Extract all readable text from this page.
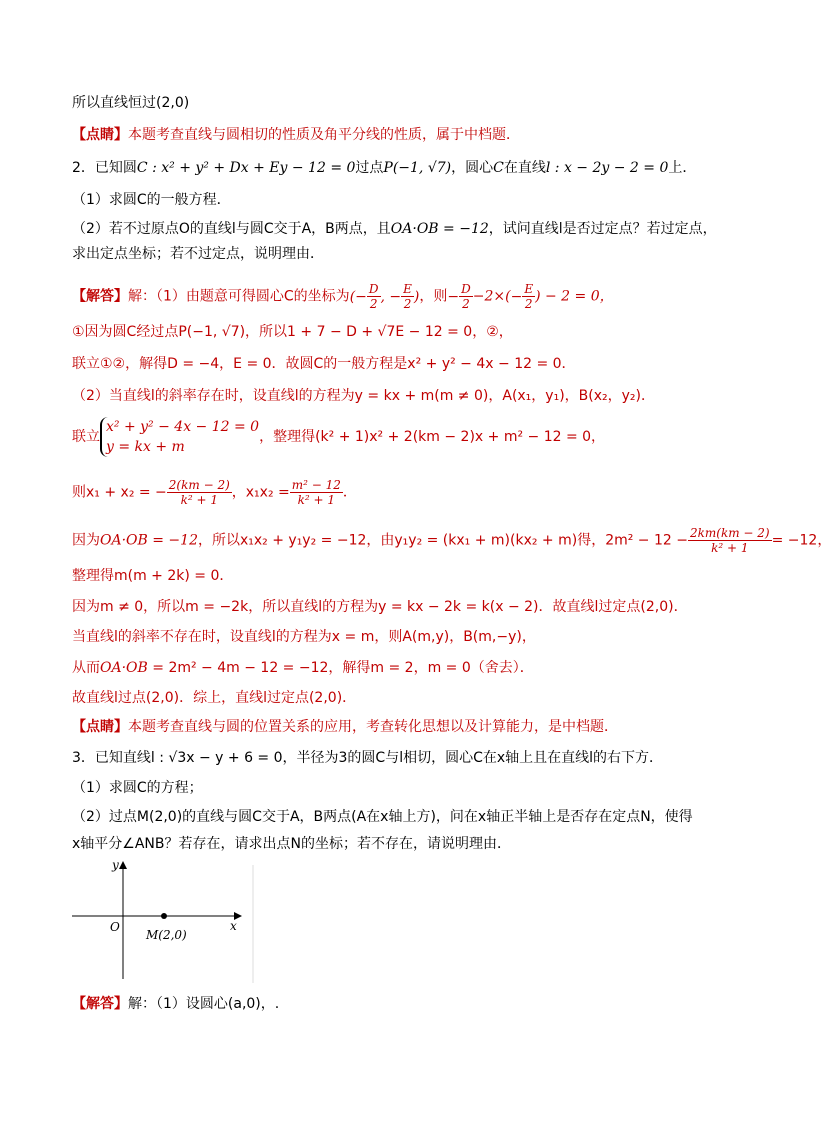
所以直线恒过(2,0)
【点睛】本题考查直线与圆相切的性质及角平分线的性质，属于中档题．
2．已知圆C : x² + y² + Dx + Ey − 12 = 0过点P(−1, √7)，圆心C在直线l : x − 2y − 2 = 0上．
（1）求圆C的一般方程．
（2）若不过原点O的直线l与圆C交于A，B两点，且OA·OB = −12，试问直线l是否过定点？若过定点，
求出定点坐标；若不过定点，说明理由．
【解答】解：（1）由题意可得圆心C的坐标为(− $\frac{D}{2}$ , − $\frac{E}{2}$ )，则− $\frac{D}{2} -2\times(- \frac{E}{2}$ ) − 2 = 0，
①因为圆C经过点P(−1, √7)，所以1 + 7 − D + √7E − 12 = 0，②，
联立①②，解得D = −4，E = 0．故圆C的一般方程是x² + y² − 4x − 12 = 0．
（2）当直线l的斜率存在时，设直线l的方程为y = kx + m(m ≠ 0)，A(x₁，y₁)，B(x₂，y₂)．
联立
x² + y² − 4x − 12 = 0
y = kx + m
，整理得(k² + 1)x² + 2(km − 2)x + m² − 12 = 0，
则x₁ + x₂ = − $\frac{2(km - 2)}{\text{k² + 1}}$ ，$x_1x_2 = \frac{\text{m² − 12}}{\text{k² + 1}}$ ．
因为OA·OB = −12，所以x₁x₂ + y₁y₂ = −12，由y₁y₂ = (kx₁ + m)(kx₂ + m)得，$2m^2 - 12 - \frac{2km(km - 2)}{\text{k² + 1}} = -12$，
整理得m(m + 2k) = 0．
因为m ≠ 0，所以m = −2k，所以直线l的方程为y = kx − 2k = k(x − 2)．故直线l过定点(2,0)．
当直线l的斜率不存在时，设直线l的方程为x = m，则A(m,y)，B(m,−y)，
从而OA·OB = 2m² − 4m − 12 = −12，解得m = 2，m = 0（舍去）．
故直线l过点(2,0)．综上，直线l过定点(2,0)．
【点睛】本题考查直线与圆的位置关系的应用，考查转化思想以及计算能力，是中档题．
3．已知直线l : √3x − y + 6 = 0，半径为3的圆C与l相切，圆心C在x轴上且在直线l的右下方．
（1）求圆C的方程；
（2）过点M(2,0)的直线与圆C交于A，B两点(A在x轴上方)，问在x轴正半轴上是否存在定点N，使得
x轴平分∠ANB？若存在，请求出点N的坐标；若不存在，请说明理由．
y
x
O
M(2,0)
【解答】解：（1）设圆心(a,0)，.
